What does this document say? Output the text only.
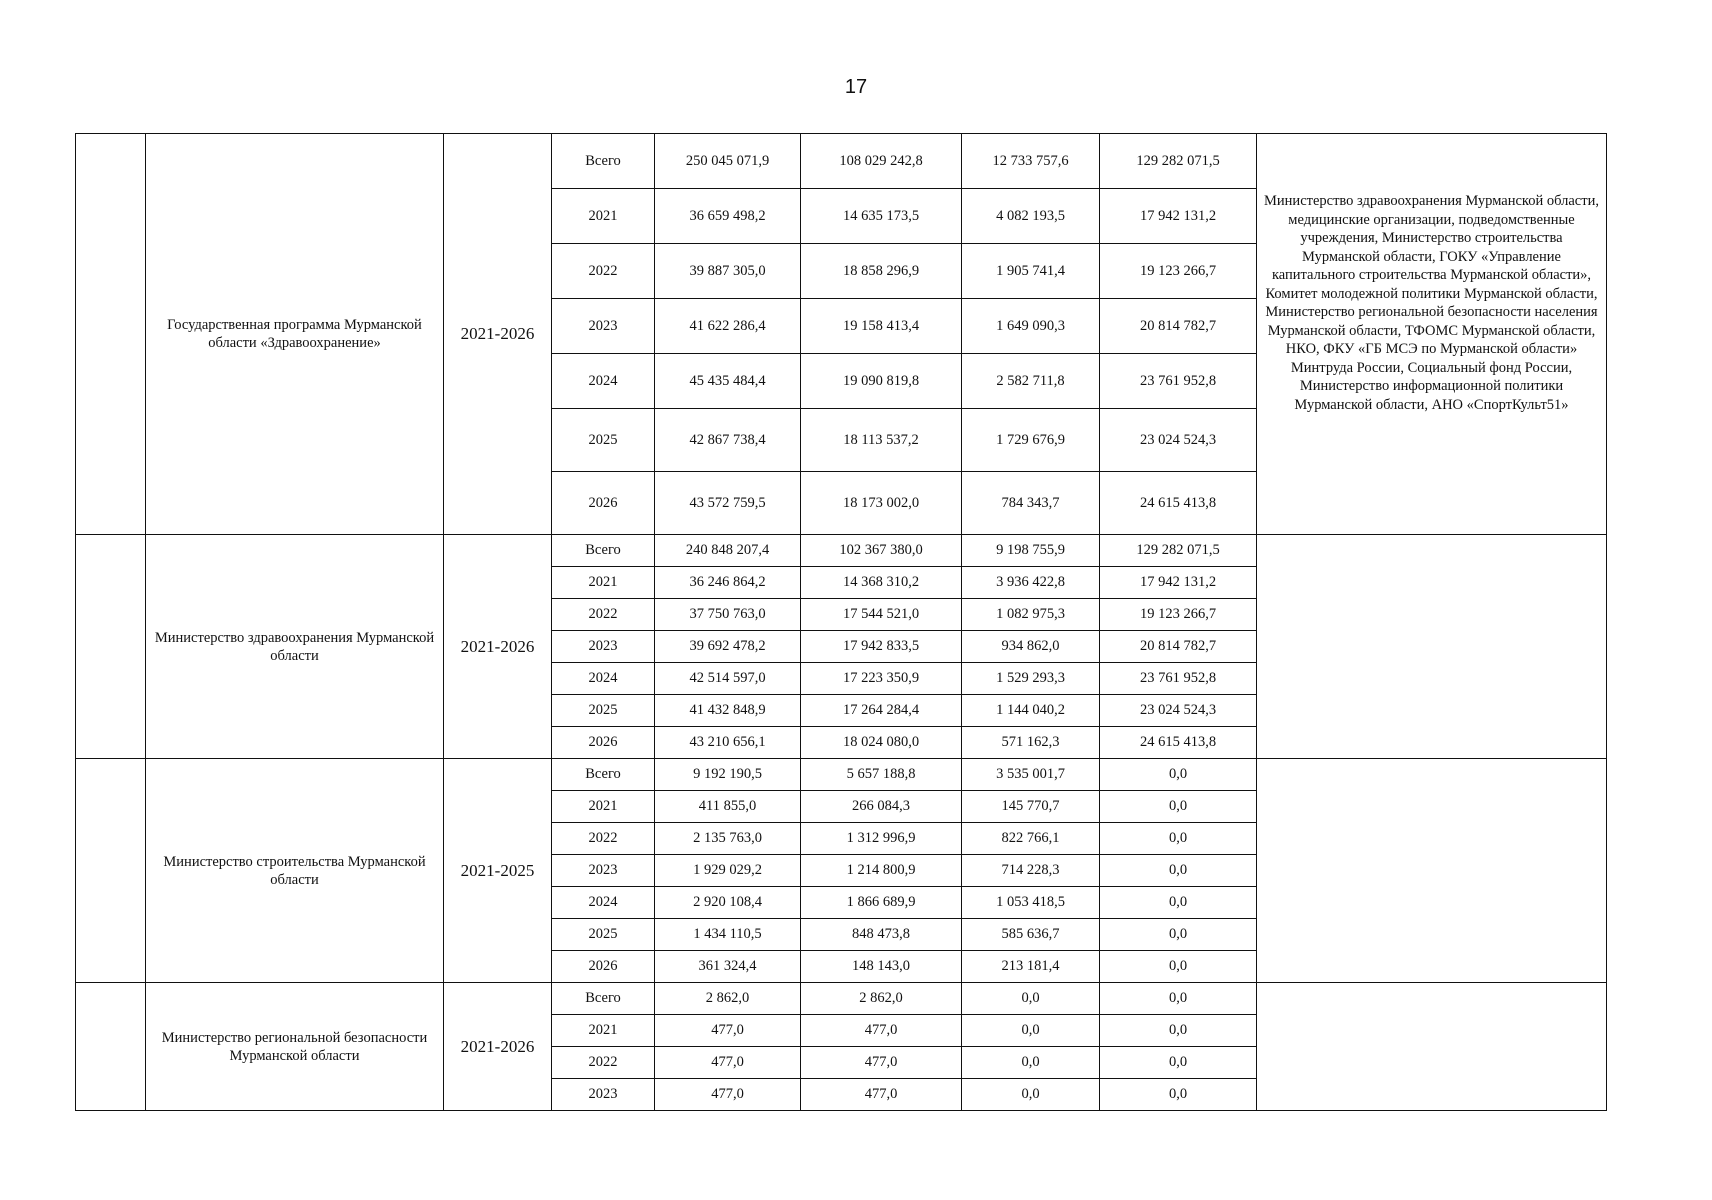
17
	Государственная программа Мурманской области «Здравоохранение»	2021-2026	Всего	250 045 071,9	108 029 242,8	12 733 757,6	129 282 071,5	Министерство здравоохранения Мурманской области, медицинские организации, подведомственные учреждения, Министерство строительства Мурманской области, ГОКУ «Управление капитального строительства Мурманской области», Комитет молодежной политики Мурманской области, Министерство региональной безопасности населения Мурманской области, ТФОМС Мурманской области, НКО, ФКУ «ГБ МСЭ по Мурманской области» Минтруда России, Социальный фонд России, Министерство информационной политики Мурманской области, АНО «СпортКульт51»
			2021	36 659 498,2	14 635 173,5	4 082 193,5	17 942 131,2	
			2022	39 887 305,0	18 858 296,9	1 905 741,4	19 123 266,7	
			2023	41 622 286,4	19 158 413,4	1 649 090,3	20 814 782,7	
			2024	45 435 484,4	19 090 819,8	2 582 711,8	23 761 952,8	
			2025	42 867 738,4	18 113 537,2	1 729 676,9	23 024 524,3	
			2026	43 572 759,5	18 173 002,0	784 343,7	24 615 413,8	
	Министерство здравоохранения Мурманской области	2021-2026	Всего	240 848 207,4	102 367 380,0	9 198 755,9	129 282 071,5	
			2021	36 246 864,2	14 368 310,2	3 936 422,8	17 942 131,2	
			2022	37 750 763,0	17 544 521,0	1 082 975,3	19 123 266,7	
			2023	39 692 478,2	17 942 833,5	934 862,0	20 814 782,7	
			2024	42 514 597,0	17 223 350,9	1 529 293,3	23 761 952,8	
			2025	41 432 848,9	17 264 284,4	1 144 040,2	23 024 524,3	
			2026	43 210 656,1	18 024 080,0	571 162,3	24 615 413,8	
	Министерство строительства Мурманской области	2021-2025	Всего	9 192 190,5	5 657 188,8	3 535 001,7	0,0	
			2021	411 855,0	266 084,3	145 770,7	0,0	
			2022	2 135 763,0	1 312 996,9	822 766,1	0,0	
			2023	1 929 029,2	1 214 800,9	714 228,3	0,0	
			2024	2 920 108,4	1 866 689,9	1 053 418,5	0,0	
			2025	1 434 110,5	848 473,8	585 636,7	0,0	
			2026	361 324,4	148 143,0	213 181,4	0,0	
	Министерство региональной безопасности Мурманской области	2021-2026	Всего	2 862,0	2 862,0	0,0	0,0	
			2021	477,0	477,0	0,0	0,0	
			2022	477,0	477,0	0,0	0,0	
			2023	477,0	477,0	0,0	0,0	
